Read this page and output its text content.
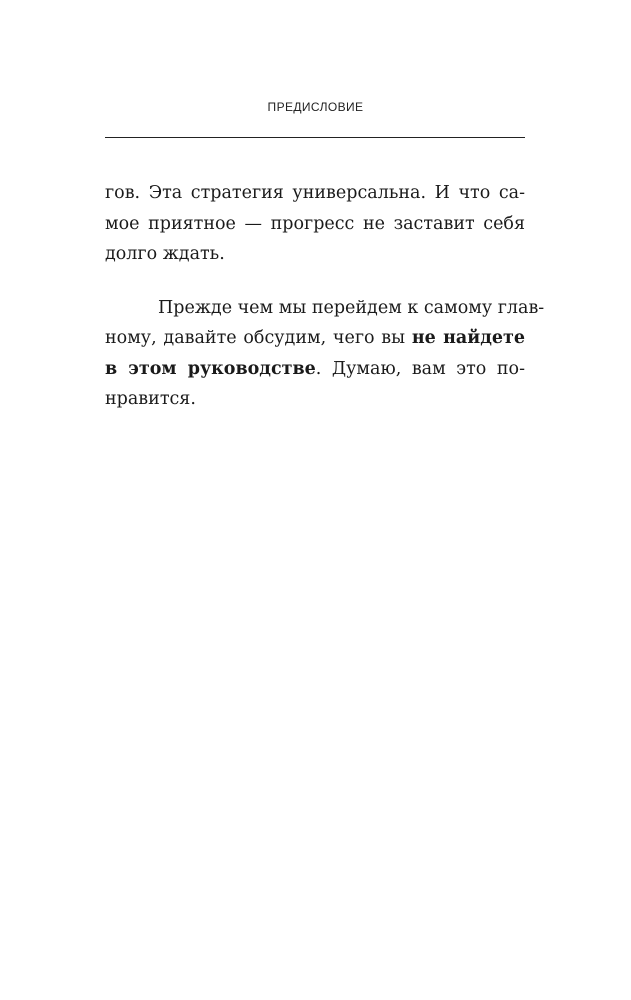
ПРЕДИСЛОВИЕ

гов. Эта стратегия универсальна. И что са-
мое приятное — прогресс не заставит себя
долго ждать.

Прежде чем мы перейдем к самому глав-
ному, давайте обсудим, чего вы не найдете
в этом руководстве. Думаю, вам это по-
нравится.
